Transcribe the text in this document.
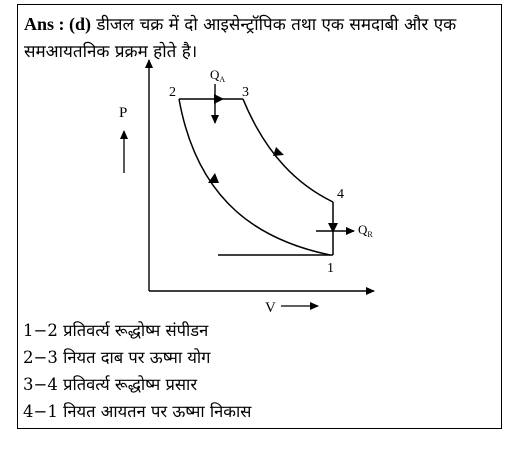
Ans : (d) डीजल चक्र में दो आइसेन्ट्रॉपिक तथा एक समदाबी और एक समआयतनिक प्रक्रम होते है।
P
V
$Q_A$
$Q_R$
1
2	3
4
1−2 प्रतिवर्त्य रूद्धोष्म संपीडन
2−3 नियत दाब पर ऊष्मा योग
3−4 प्रतिवर्त्य रूद्धोष्म प्रसार
4−1 नियत आयतन पर ऊष्मा निकास
